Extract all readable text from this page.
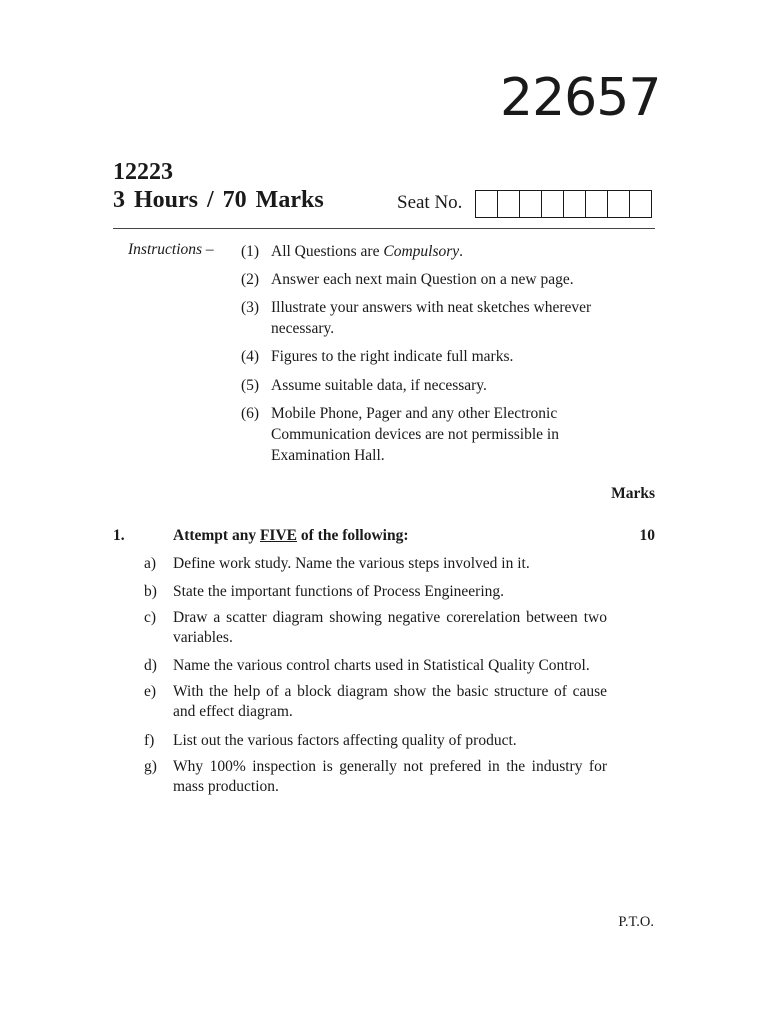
22657
12223
3 Hours / 70 Marks	Seat No.
Instructions – (1) All Questions are Compulsory.
(2) Answer each next main Question on a new page.
(3) Illustrate your answers with neat sketches wherever necessary.
(4) Figures to the right indicate full marks.
(5) Assume suitable data, if necessary.
(6) Mobile Phone, Pager and any other Electronic Communication devices are not permissible in Examination Hall.
Marks
1.	Attempt any FIVE of the following:	10
a)	Define work study. Name the various steps involved in it.
b)	State the important functions of Process Engineering.
c)	Draw a scatter diagram showing negative corerelation between two variables.
d)	Name the various control charts used in Statistical Quality Control.
e)	With the help of a block diagram show the basic structure of cause and effect diagram.
f)	List out the various factors affecting quality of product.
g)	Why 100% inspection is generally not prefered in the industry for mass production.
P.T.O.
